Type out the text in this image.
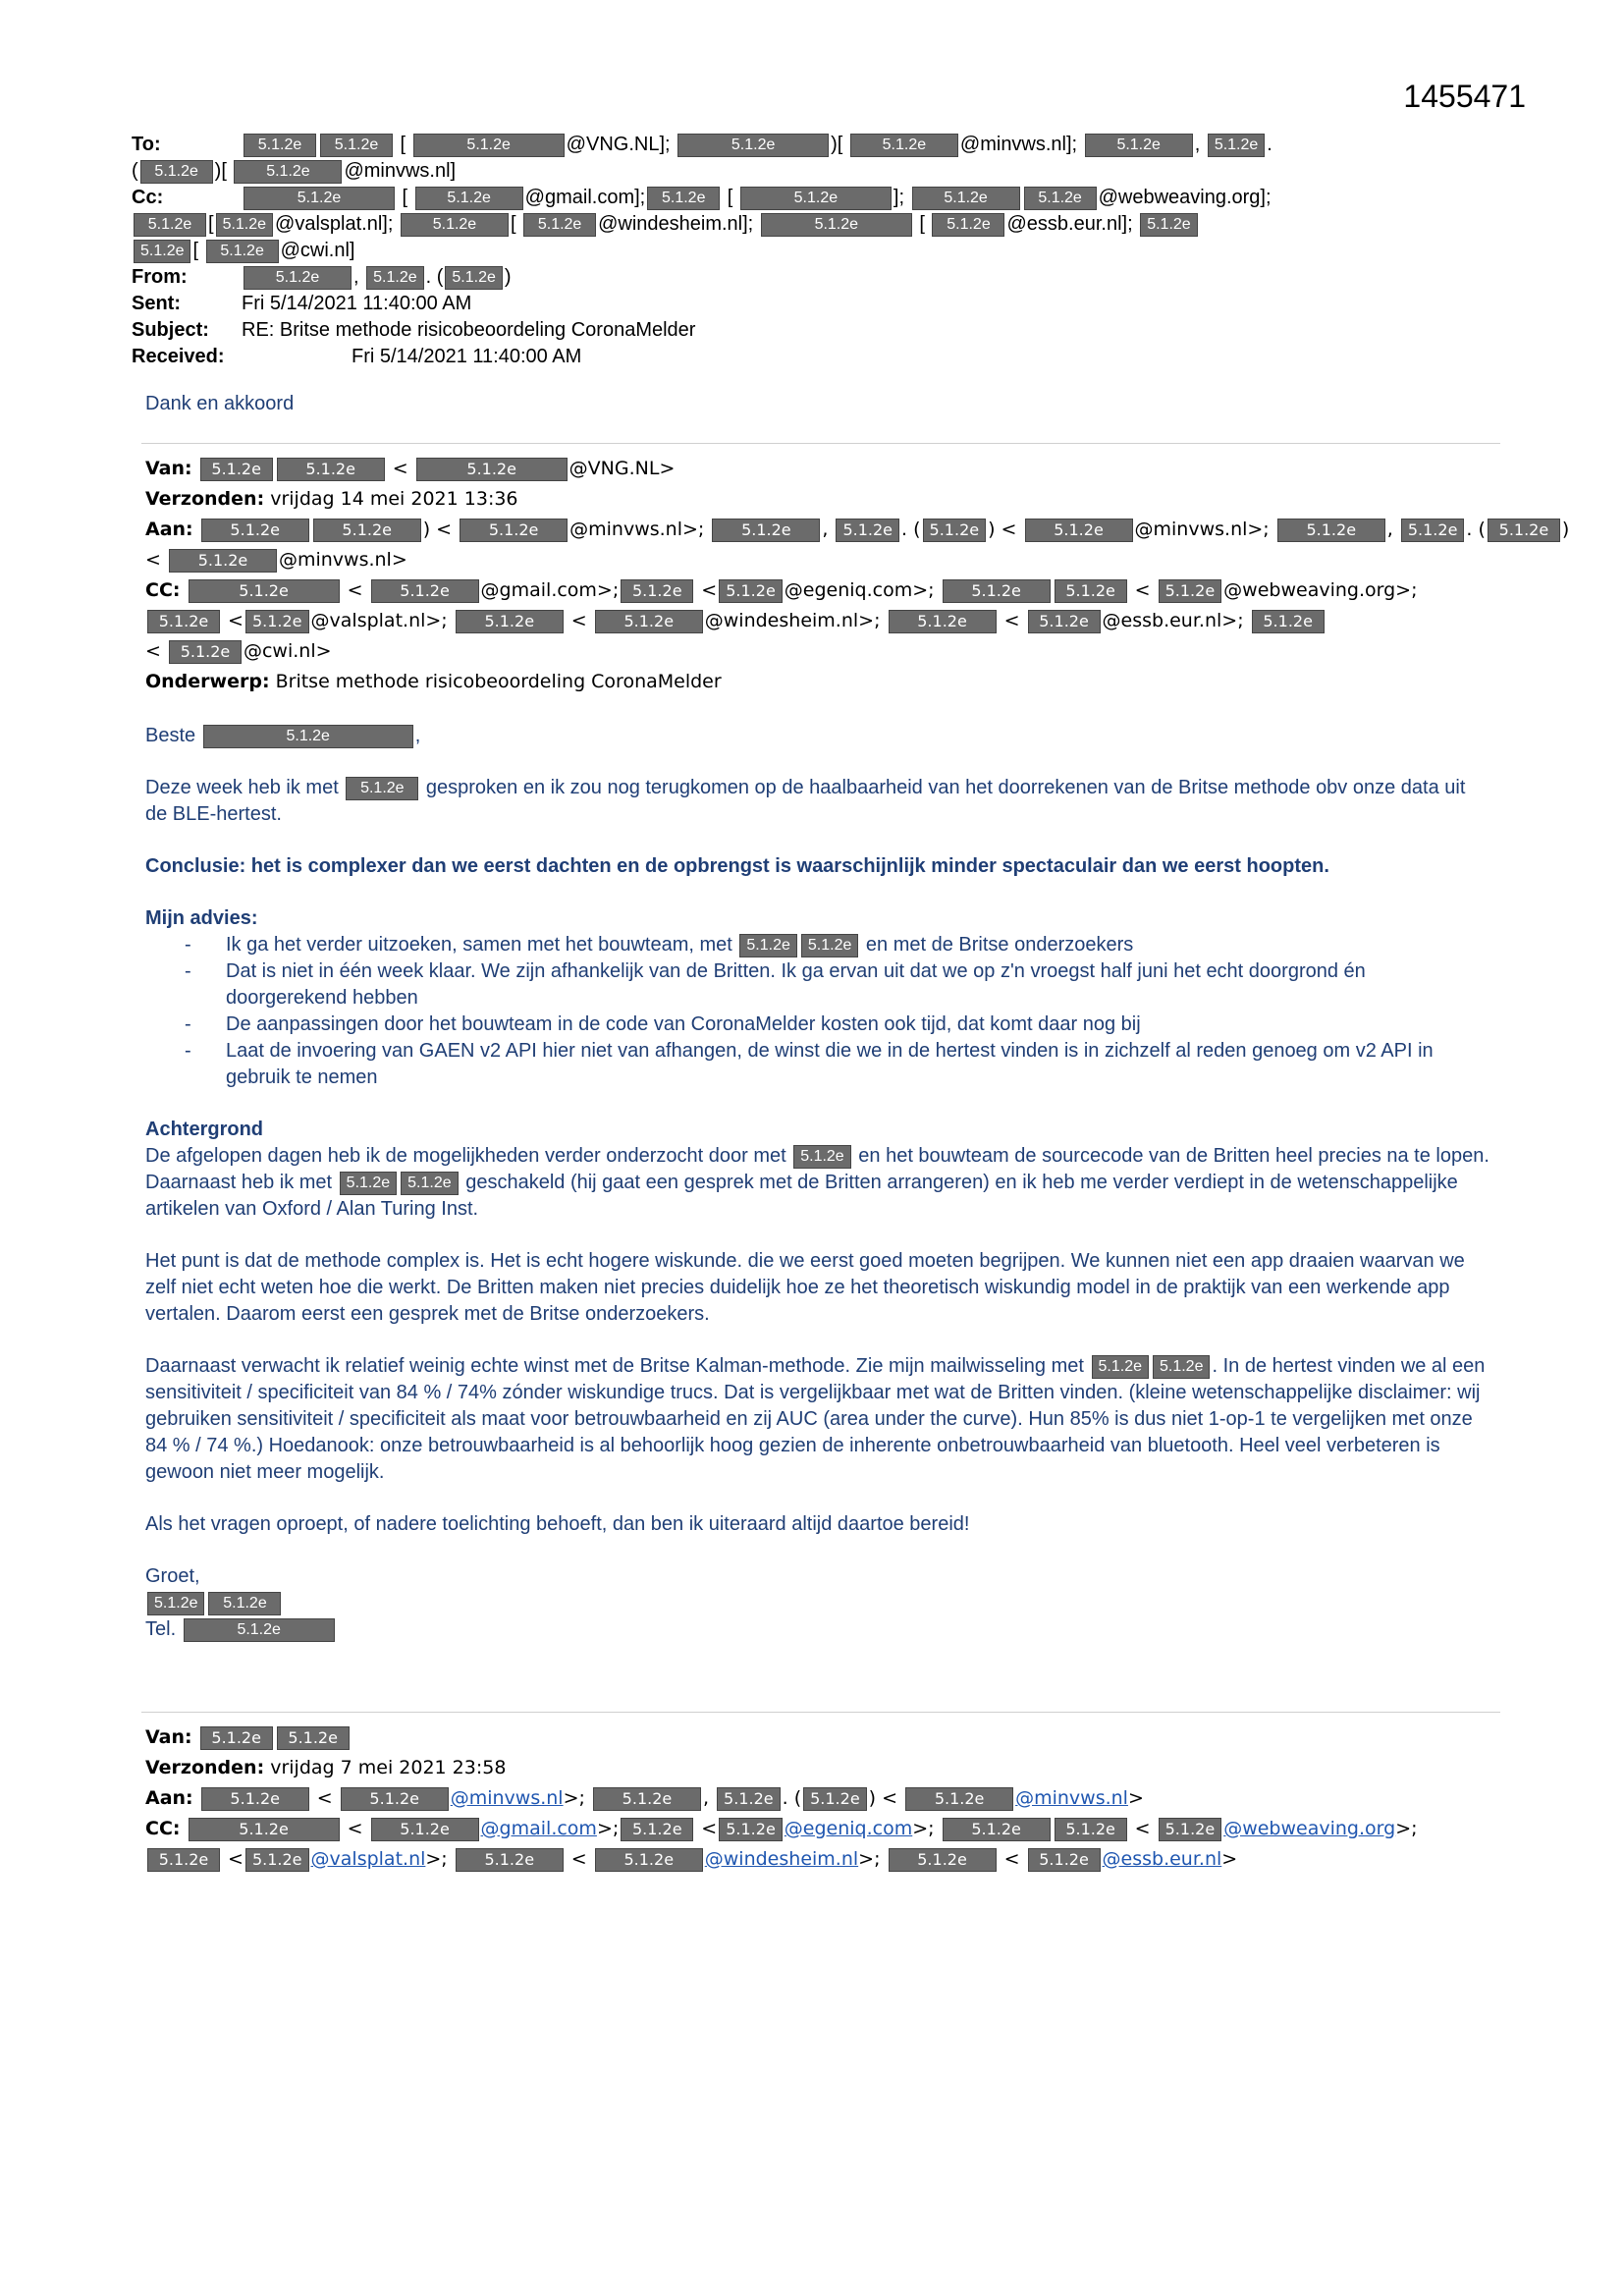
1455471
To:	5.1.2e 5.1.2e [	5.1.2e	@VNG.NL];	5.1.2e	)[ 5.1.2e @minvws.nl];	5.1.2e , 5.1.2e .
( 5.1.2e )[ 5.1.2e @minvws.nl]
Cc:	5.1.2e	[ 5.1.2e @gmail.com]; 5.1.2e [	5.1.2e	];	5.1.2e	5.1.2e @webweaving.org];
5.1.2e [ 5.1.2e @valsplat.nl];	5.1.2e [ 5.1.2e @windesheim.nl];	5.1.2e	[ 5.1.2e @essb.eur.nl]; 5.1.2e
5.1.2e [ 5.1.2e @cwi.nl]
From:	5.1.2e , 5.1.2e . ( 5.1.2e )
Sent:	Fri 5/14/2021 11:40:00 AM
Subject: RE: Britse methode risicobeoordeling CoronaMelder
Received:	Fri 5/14/2021 11:40:00 AM

Dank en akkoord

Van: 5.1.2e	5.1.2e <	5.1.2e	@VNG.NL>
Verzonden: vrijdag 14 mei 2021 13:36
Aan: 5.1.2e	5.1.2e ) < 5.1.2e @minvws.nl>; 5.1.2e , 5.1.2e . ( 5.1.2e ) < 5.1.2e @minvws.nl>; 5.1.2e , 5.1.2e . ( 5.1.2e )
< 5.1.2e @minvws.nl>
CC:	5.1.2e	< 5.1.2e @gmail.com>; 5.1.2e < 5.1.2e @egeniq.com>; 5.1.2e	5.1.2e < 5.1.2e @webweaving.org>;
5.1.2e < 5.1.2e @valsplat.nl>; 5.1.2e < 5.1.2e @windesheim.nl>; 5.1.2e < 5.1.2e @essb.eur.nl>; 5.1.2e
< 5.1.2e @cwi.nl>
Onderwerp: Britse methode risicobeoordeling CoronaMelder

Beste	5.1.2e	,

Deze week heb ik met 5.1.2e gesproken en ik zou nog terugkomen op de haalbaarheid van het doorrekenen van de Britse methode obv onze data uit de BLE-hertest.

Conclusie: het is complexer dan we eerst dachten en de opbrengst is waarschijnlijk minder spectaculair dan we eerst hoopten.

Mijn advies:
- Ik ga het verder uitzoeken, samen met het bouwteam, met 5.1.2e 5.1.2e en met de Britse onderzoekers
- Dat is niet in één week klaar. We zijn afhankelijk van de Britten. Ik ga ervan uit dat we op z'n vroegst half juni het echt doorgrond én doorgerekend hebben
- De aanpassingen door het bouwteam in de code van CoronaMelder kosten ook tijd, dat komt daar nog bij
- Laat de invoering van GAEN v2 API hier niet van afhangen, de winst die we in de hertest vinden is in zichzelf al reden genoeg om v2 API in gebruik te nemen
Achtergrond

De afgelopen dagen heb ik de mogelijkheden verder onderzocht door met 5.1.2e en het bouwteam de sourcecode van de Britten heel precies na te lopen. Daarnaast heb ik met 5.1.2e 5.1.2e geschakeld (hij gaat een gesprek met de Britten arrangeren) en ik heb me verder verdiept in de wetenschappelijke artikelen van Oxford / Alan Turing Inst.

Het punt is dat de methode complex is. Het is echt hogere wiskunde. die we eerst goed moeten begrijpen. We kunnen niet een app draaien waarvan we zelf niet echt weten hoe die werkt. De Britten maken niet precies duidelijk hoe ze het theoretisch wiskundig model in de praktijk van een werkende app vertalen. Daarom eerst een gesprek met de Britse onderzoekers.

Daarnaast verwacht ik relatief weinig echte winst met de Britse Kalman-methode. Zie mijn mailwisseling met 5.1.2e 5.1.2e . In de hertest vinden we al een sensitiviteit / specificiteit van 84 % / 74% zónder wiskundige trucs. Dat is vergelijkbaar met wat de Britten vinden. (kleine wetenschappelijke disclaimer: wij gebruiken sensitiviteit / specificiteit als maat voor betrouwbaarheid en zij AUC (area under the curve). Hun 85% is dus niet 1-op-1 te vergelijken met onze 84 % / 74 %.) Hoedanook: onze betrouwbaarheid is al behoorlijk hoog gezien de inherente onbetrouwbaarheid van bluetooth. Heel veel verbeteren is gewoon niet meer mogelijk.

Als het vragen oproept, of nadere toelichting behoeft, dan ben ik uiteraard altijd daartoe bereid!

Groet,
5.1.2e 5.1.2e
Tel.	5.1.2e
Van: 5.1.2e 5.1.2e
Verzonden: vrijdag 7 mei 2021 23:58
Aan: 5.1.2e < 5.1.2e @minvws.nl>; 5.1.2e , 5.1.2e . ( 5.1.2e ) < 5.1.2e @minvws.nl>
CC:	5.1.2e	< 5.1.2e @gmail.com>; 5.1.2e < 5.1.2e @egeniq.com>; 5.1.2e	5.1.2e < 5.1.2e @webweaving.org>;
5.1.2e < 5.1.2e @valsplat.nl>; 5.1.2e < 5.1.2e @windesheim.nl>; 5.1.2e < 5.1.2e @essb.eur.nl>
